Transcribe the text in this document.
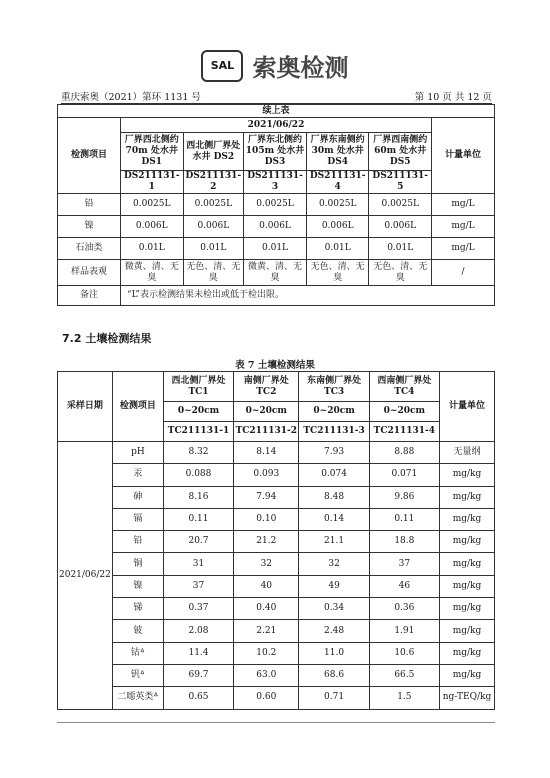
SAL 索奥检测
重庆索奥（2021）第环 1131 号	第 10 页 共 12 页
续上表						
检测项目	2021/06/22					计量单位
	厂界西北侧约 70m 处水井 DS1	西北侧厂界处水井 DS2	厂界东北侧约 105m 处水井 DS3	厂界东南侧约 30m 处水井 DS4	厂界西南侧约 60m 处水井 DS5	
	DS211131-1	DS211131-2	DS211131-3	DS211131-4	DS211131-5	
铅	0.0025L	0.0025L	0.0025L	0.0025L	0.0025L	mg/L
镍	0.006L	0.006L	0.006L	0.006L	0.006L	mg/L
石油类	0.01L	0.01L	0.01L	0.01L	0.01L	mg/L
样品表观	微黄、清、无臭	无色、清、无臭	微黄、清、无臭	无色、清、无臭	无色、清、无臭	/
备注	“L”表示检测结果未检出或低于检出限。					
7.2 土壤检测结果
表 7 土壤检测结果
采样日期	检测项目	西北侧厂界处 TC1	南侧厂界处 TC2	东南侧厂界处 TC3	西南侧厂界处 TC4	计量单位
		0~20cm	0~20cm	0~20cm	0~20cm	
		TC211131-1	TC211131-2	TC211131-3	TC211131-4	
2021/06/22	pH	8.32	8.14	7.93	8.88	无量纲
	汞	0.088	0.093	0.074	0.071	mg/kg
	砷	8.16	7.94	8.48	9.86	mg/kg
	镉	0.11	0.10	0.14	0.11	mg/kg
	铅	20.7	21.2	21.1	18.8	mg/kg
	铜	31	32	32	37	mg/kg
	镍	37	40	49	46	mg/kg
	锑	0.37	0.40	0.34	0.36	mg/kg
	铍	2.08	2.21	2.48	1.91	mg/kg
	钴ᐞ	11.4	10.2	11.0	10.6	mg/kg
	钒ᐞ	69.7	63.0	68.6	66.5	mg/kg
	二噁英类ᐞ	0.65	0.60	0.71	1.5	ng-TEQ/kg
